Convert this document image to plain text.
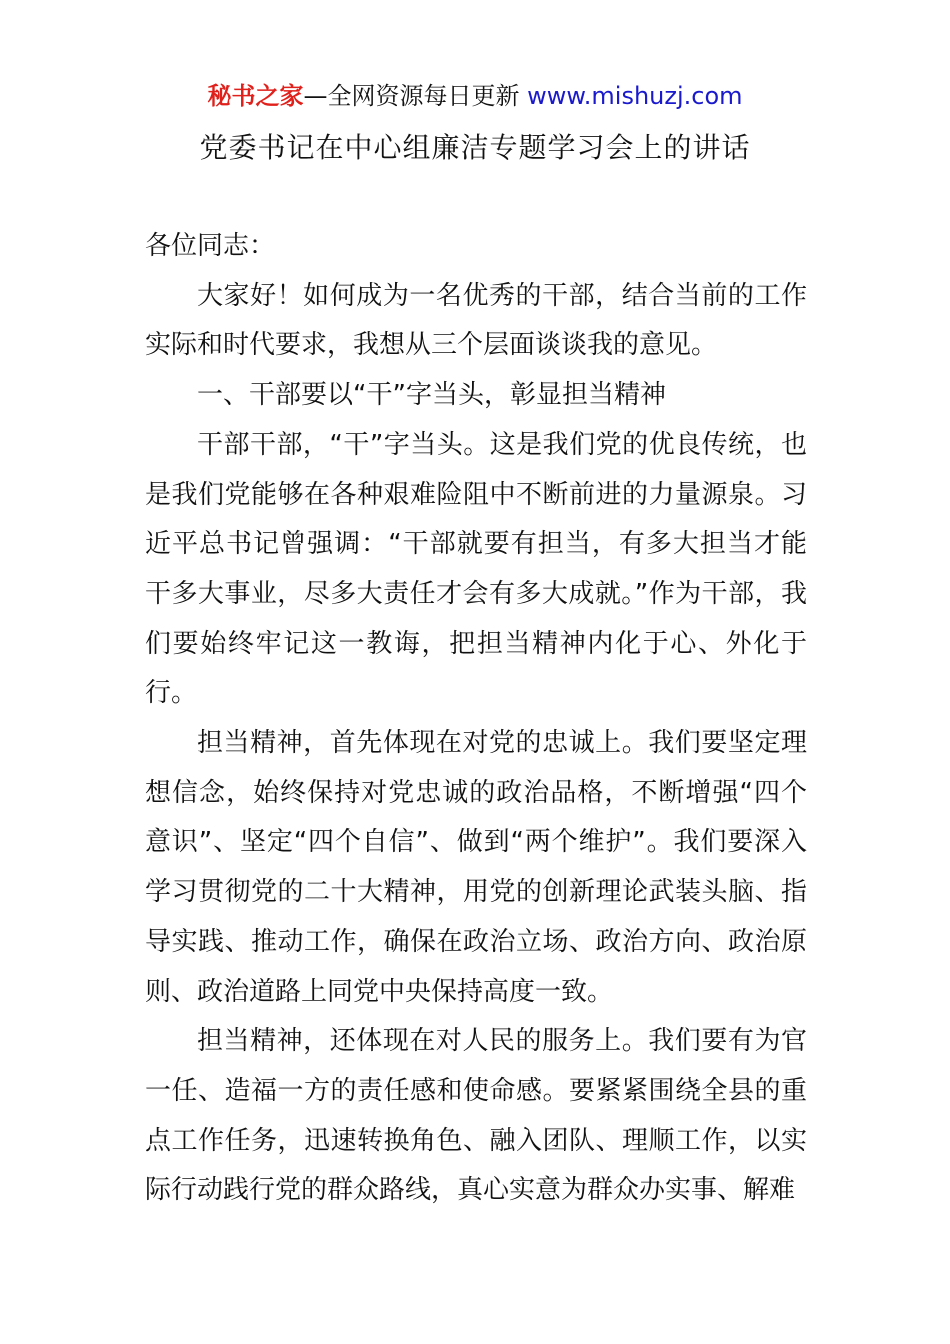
秘书之家—全网资源每日更新 www.mishuzj.com
党委书记在中心组廉洁专题学习会上的讲话

各位同志：

大家好！如何成为一名优秀的干部，结合当前的工作实际和时代要求，我想从三个层面谈谈我的意见。

一、干部要以“干”字当头，彰显担当精神

干部干部，“干”字当头。这是我们党的优良传统，也是我们党能够在各种艰难险阻中不断前进的力量源泉。习近平总书记曾强调：“干部就要有担当，有多大担当才能干多大事业，尽多大责任才会有多大成就。”作为干部，我们要始终牢记这一教诲，把担当精神内化于心、外化于行。

担当精神，首先体现在对党的忠诚上。我们要坚定理想信念，始终保持对党忠诚的政治品格，不断增强“四个意识”、坚定“四个自信”、做到“两个维护”。我们要深入学习贯彻党的二十大精神，用党的创新理论武装头脑、指导实践、推动工作，确保在政治立场、政治方向、政治原则、政治道路上同党中央保持高度一致。

担当精神，还体现在对人民的服务上。我们要有为官一任、造福一方的责任感和使命感。要紧紧围绕全县的重点工作任务，迅速转换角色、融入团队、理顺工作，以实际行动践行党的群众路线，真心实意为群众办实事、解难
